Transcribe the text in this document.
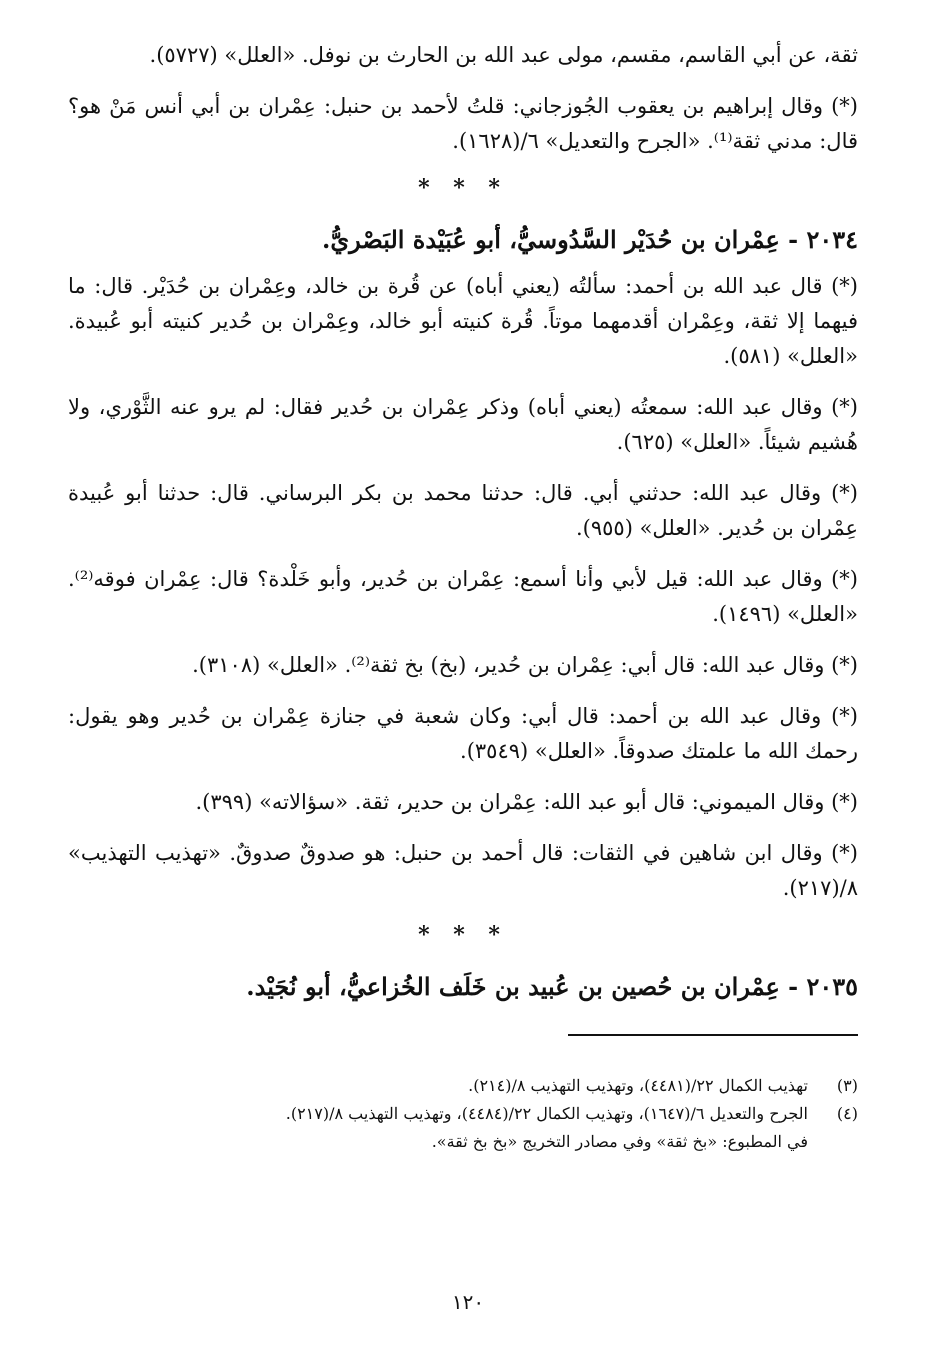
ثقة، عن أبي القاسم، مقسم، مولى عبد الله بن الحارث بن نوفل. «العلل» (٥٧٢٧).

(*) وقال إبراهيم بن يعقوب الجُوزجاني: قلتُ لأحمد بن حنبل: عِمْران بن أبي أنس مَنْ هو؟ قال: مدني ثقة⁽¹⁾. «الجرح والتعديل» ٦/(١٦٢٨).

* * *
٢٠٣٤ - عِمْران بن حُدَيْر السَّدُوسيُّ، أبو عُبَيْدة البَصْريُّ.

(*) قال عبد الله بن أحمد: سألتُه (يعني أباه) عن قُرة بن خالد، وعِمْران بن حُدَيْر. قال: ما فيهما إلا ثقة، وعِمْران أقدمهما موتاً. قُرة كنيته أبو خالد، وعِمْران بن حُدير كنيته أبو عُبيدة. «العلل» (٥٨١).

(*) وقال عبد الله: سمعتُه (يعني أباه) وذكر عِمْران بن حُدير فقال: لم يرو عنه الثَّوْري، ولا هُشيم شيئاً. «العلل» (٦٢٥).

(*) وقال عبد الله: حدثني أبي. قال: حدثنا محمد بن بكر البرساني. قال: حدثنا أبو عُبيدة عِمْران بن حُدير. «العلل» (٩٥٥).

(*) وقال عبد الله: قيل لأبي وأنا أسمع: عِمْران بن حُدير، وأبو خَلْدة؟ قال: عِمْران فوقه⁽²⁾. «العلل» (١٤٩٦).

(*) وقال عبد الله: قال أبي: عِمْران بن حُدير، (بخ) بخ ثقة⁽²⁾. «العلل» (٣١٠٨).

(*) وقال عبد الله بن أحمد: قال أبي: وكان شعبة في جنازة عِمْران بن حُدير وهو يقول: رحمك الله ما علمتك صدوقاً. «العلل» (٣٥٤٩).

(*) وقال الميموني: قال أبو عبد الله: عِمْران بن حدير، ثقة. «سؤالاته» (٣٩٩).

(*) وقال ابن شاهين في الثقات: قال أحمد بن حنبل: هو صدوقٌ صدوقٌ. «تهذيب التهذيب» ٨/(٢١٧).

* * *
٢٠٣٥ - عِمْران بن حُصين بن عُبيد بن خَلَف الخُزاعيُّ، أبو نُجَيْد.
(٣)
تهذيب الكمال ٢٢/(٤٤٨١)، وتهذيب التهذيب ٨/(٢١٤).
(٤)
الجرح والتعديل ٦/(١٦٤٧)، وتهذيب الكمال ٢٢/(٤٤٨٤)، وتهذيب التهذيب ٨/(٢١٧).
في المطبوع: «بخ ثقة» وفي مصادر التخريج «بخ بخ ثقة».
١٢٠
